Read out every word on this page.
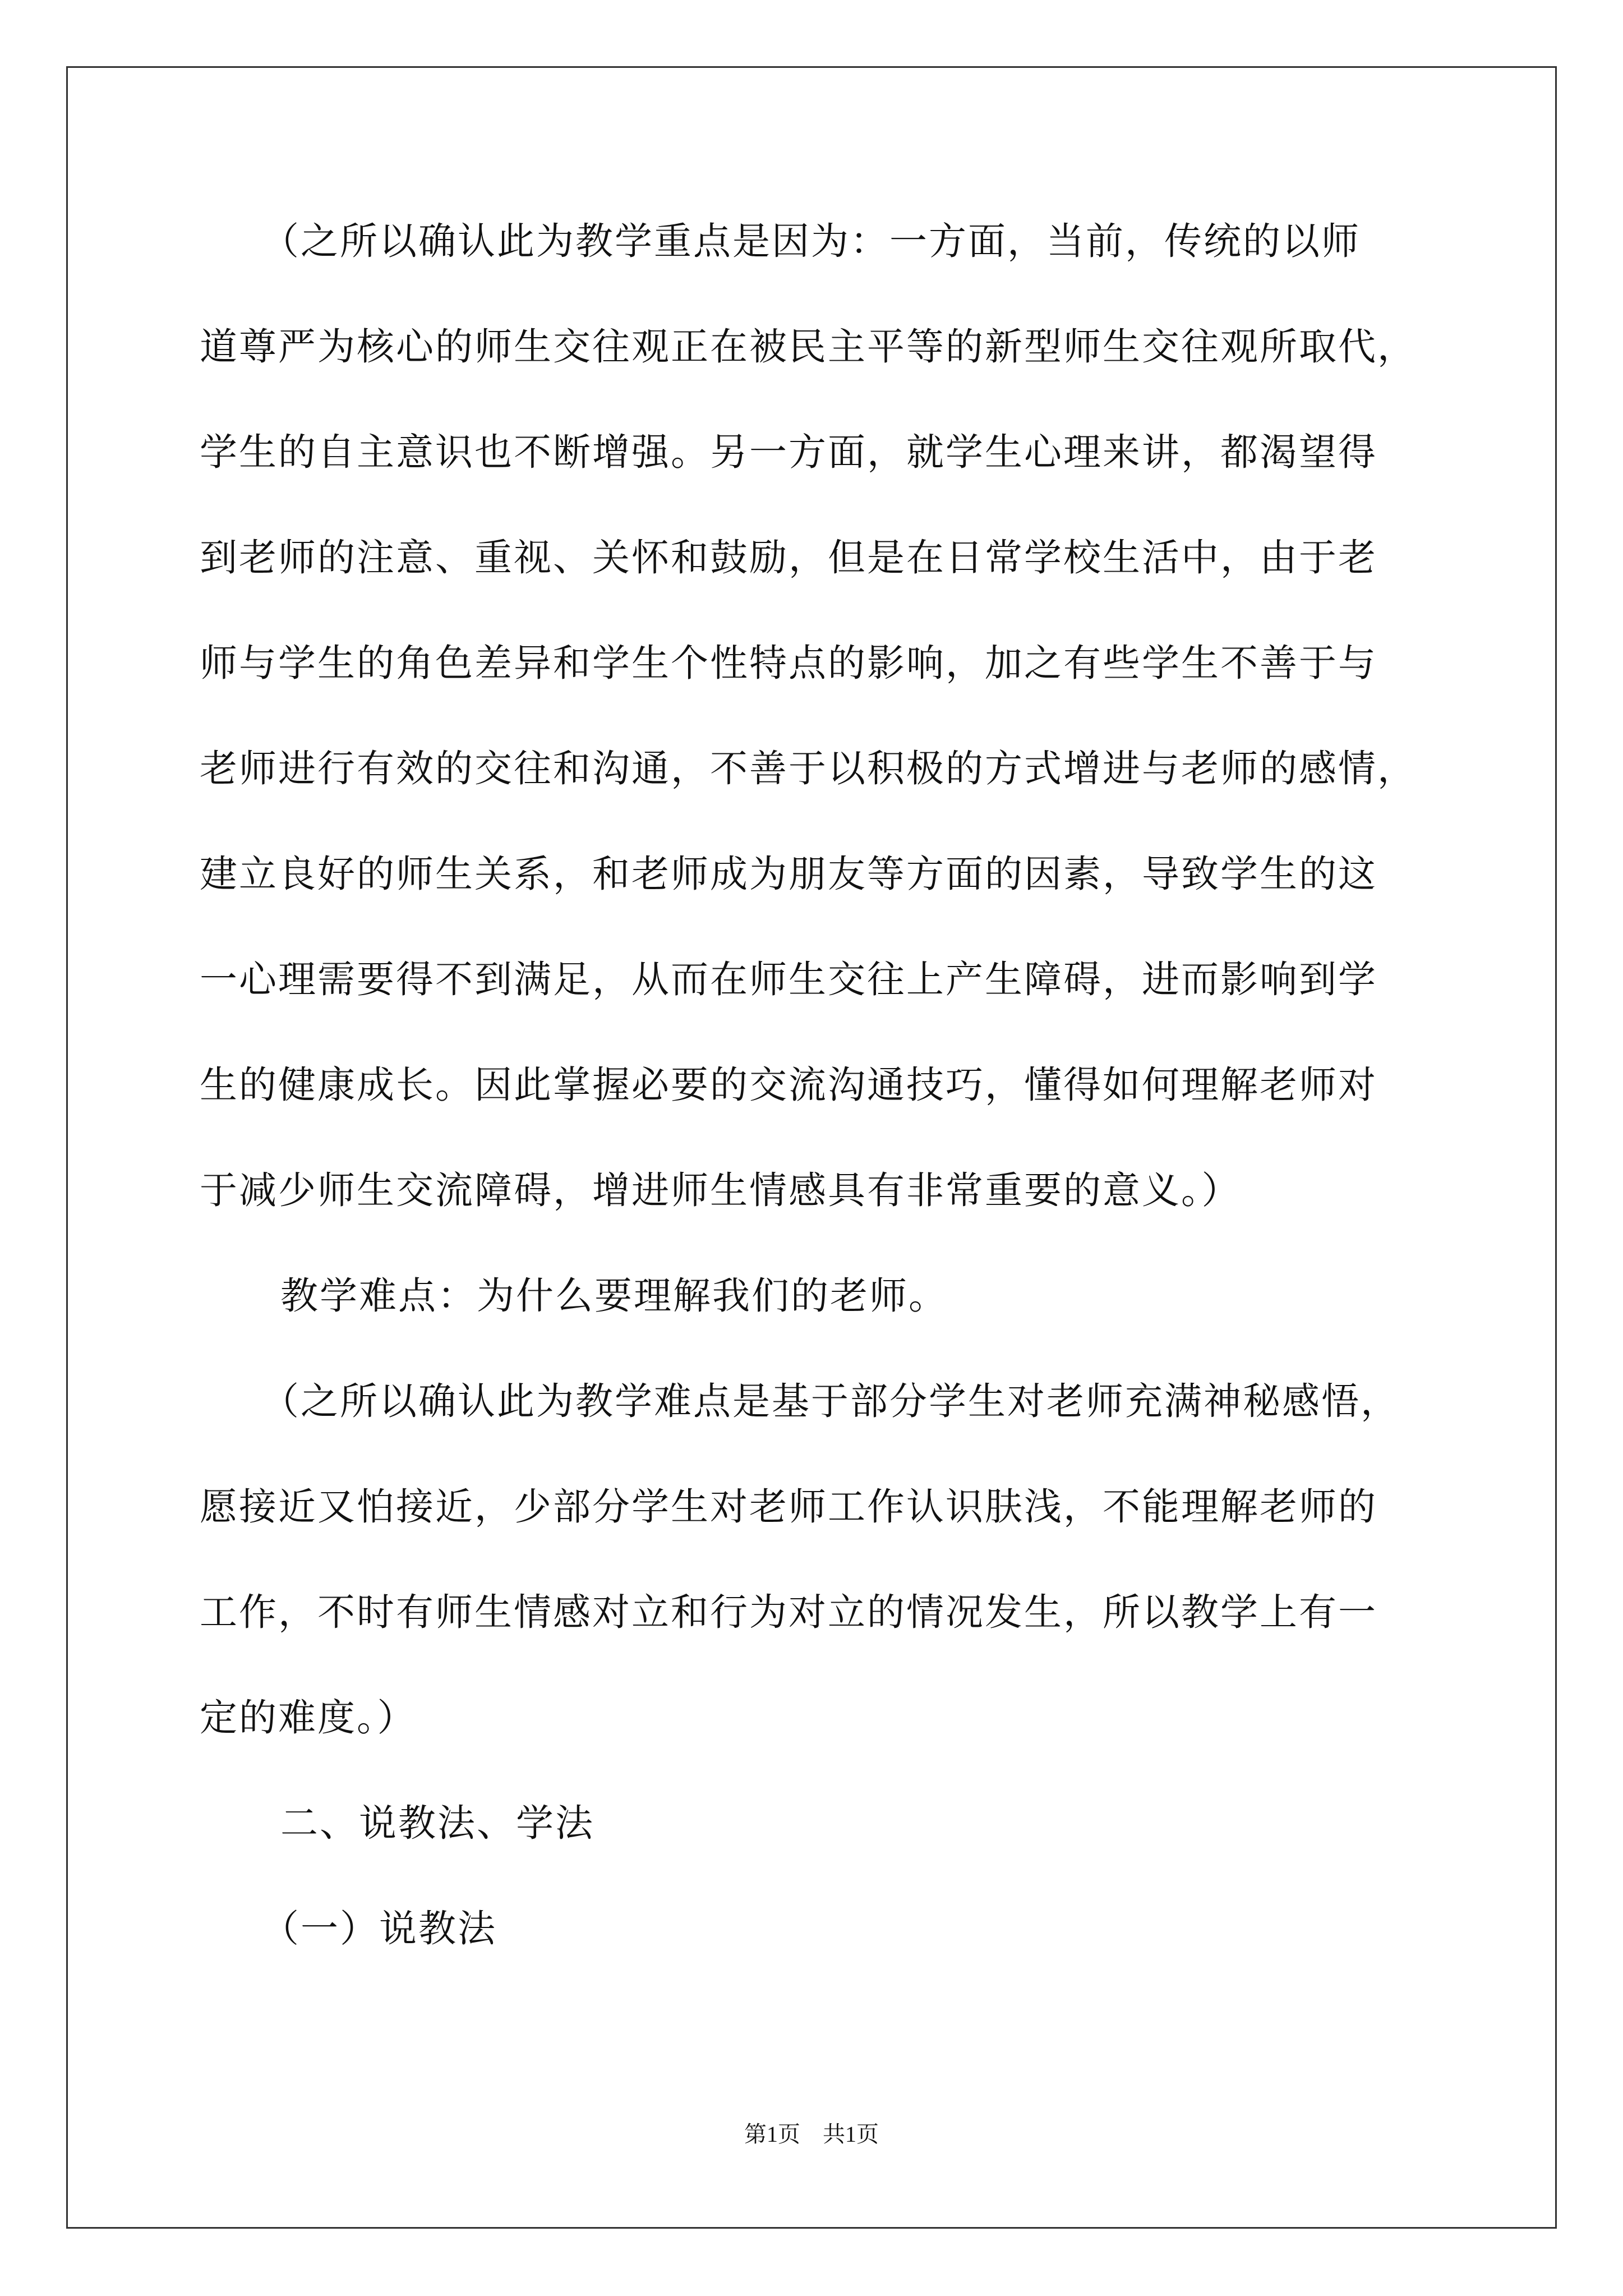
（之所以确认此为教学重点是因为：一方面，当前，传统的以师
道尊严为核心的师生交往观正在被民主平等的新型师生交往观所取代，
学生的自主意识也不断增强。另一方面，就学生心理来讲，都渴望得
到老师的注意、重视、关怀和鼓励，但是在日常学校生活中，由于老
师与学生的角色差异和学生个性特点的影响，加之有些学生不善于与
老师进行有效的交往和沟通，不善于以积极的方式增进与老师的感情，
建立良好的师生关系，和老师成为朋友等方面的因素，导致学生的这
一心理需要得不到满足，从而在师生交往上产生障碍，进而影响到学
生的健康成长。因此掌握必要的交流沟通技巧，懂得如何理解老师对
于减少师生交流障碍，增进师生情感具有非常重要的意义。）
教学难点：为什么要理解我们的老师。
（之所以确认此为教学难点是基于部分学生对老师充满神秘感悟，
愿接近又怕接近，少部分学生对老师工作认识肤浅，不能理解老师的
工作，不时有师生情感对立和行为对立的情况发生，所以教学上有一
定的难度。）
二、说教法、学法
（一）说教法
第1页 共1页
